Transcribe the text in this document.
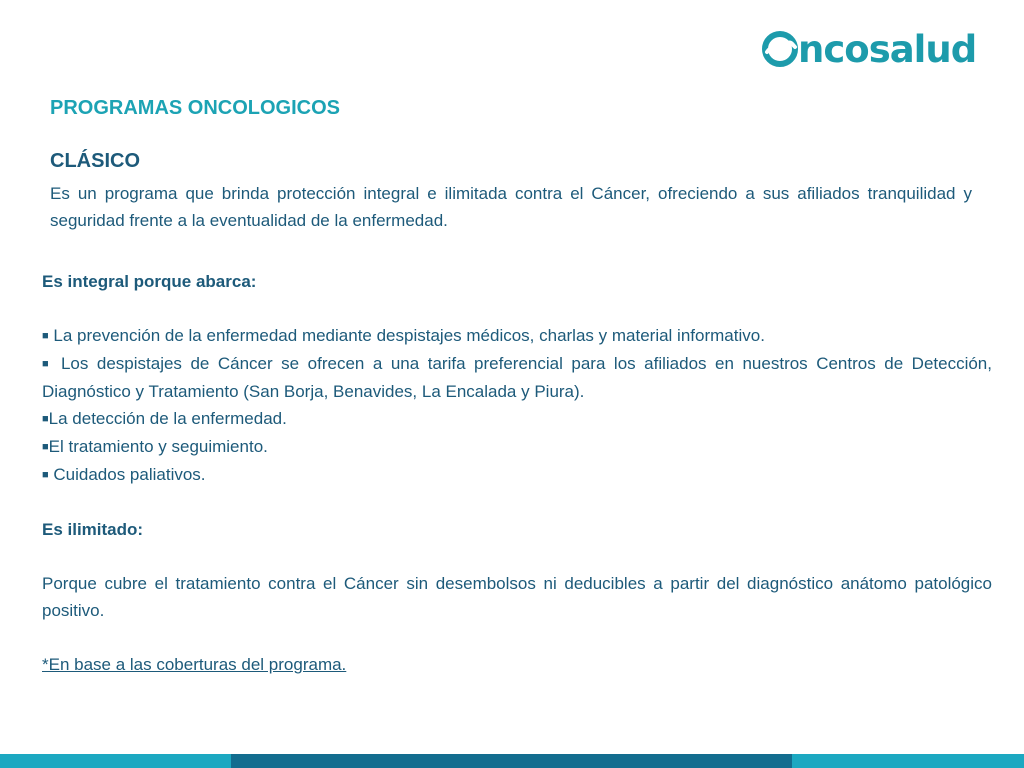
ncosalud
PROGRAMAS ONCOLOGICOS
CLÁSICO

Es un programa que brinda protección integral e ilimitada contra el Cáncer, ofreciendo a sus afiliados tranquilidad y seguridad frente a la eventualidad de la enfermedad.

Es integral porque abarca:

■ La prevención de la enfermedad mediante despistajes médicos, charlas y material informativo.

■ Los despistajes de Cáncer se ofrecen a una tarifa preferencial para los afiliados en nuestros Centros de Detección, Diagnóstico y Tratamiento (San Borja, Benavides, La Encalada y Piura).

■La detección de la enfermedad.

■El tratamiento y seguimiento.

■ Cuidados paliativos.

Es ilimitado:

Porque cubre el tratamiento contra el Cáncer sin desembolsos ni deducibles a partir del diagnóstico anátomo patológico positivo.

*En base a las coberturas del programa.
